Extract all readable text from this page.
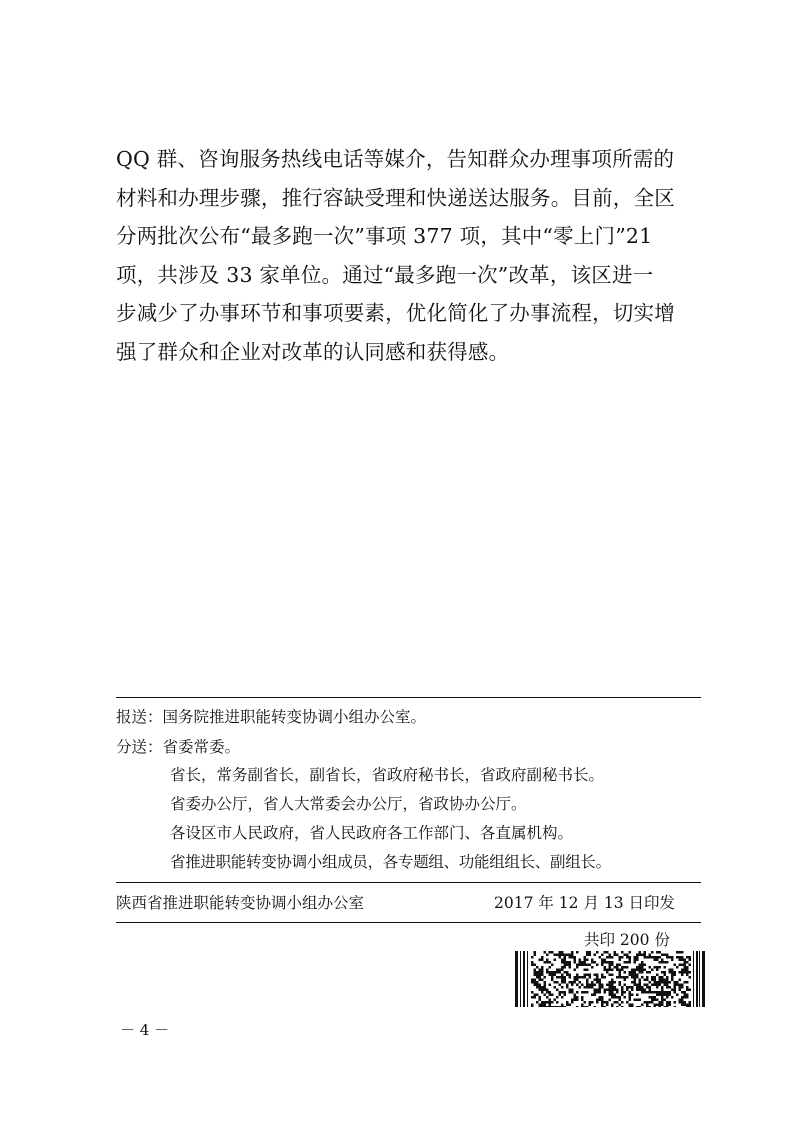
QQ 群、咨询服务热线电话等媒介，告知群众办理事项所需的
材料和办理步骤，推行容缺受理和快递送达服务。目前，全区
分两批次公布“最多跑一次”事项 377 项，其中“零上门”21
项，共涉及 33 家单位。通过“最多跑一次”改革，该区进一
步减少了办事环节和事项要素，优化简化了办事流程，切实增
强了群众和企业对改革的认同感和获得感。
报送：国务院推进职能转变协调小组办公室。
分送：省委常委。
省长，常务副省长，副省长，省政府秘书长，省政府副秘书长。
省委办公厅，省人大常委会办公厅，省政协办公厅。
各设区市人民政府，省人民政府各工作部门、各直属机构。
省推进职能转变协调小组成员，各专题组、功能组组长、副组长。
陕西省推进职能转变协调小组办公室	2017 年 12 月 13 日印发
共印 200 份
－ 4 －
